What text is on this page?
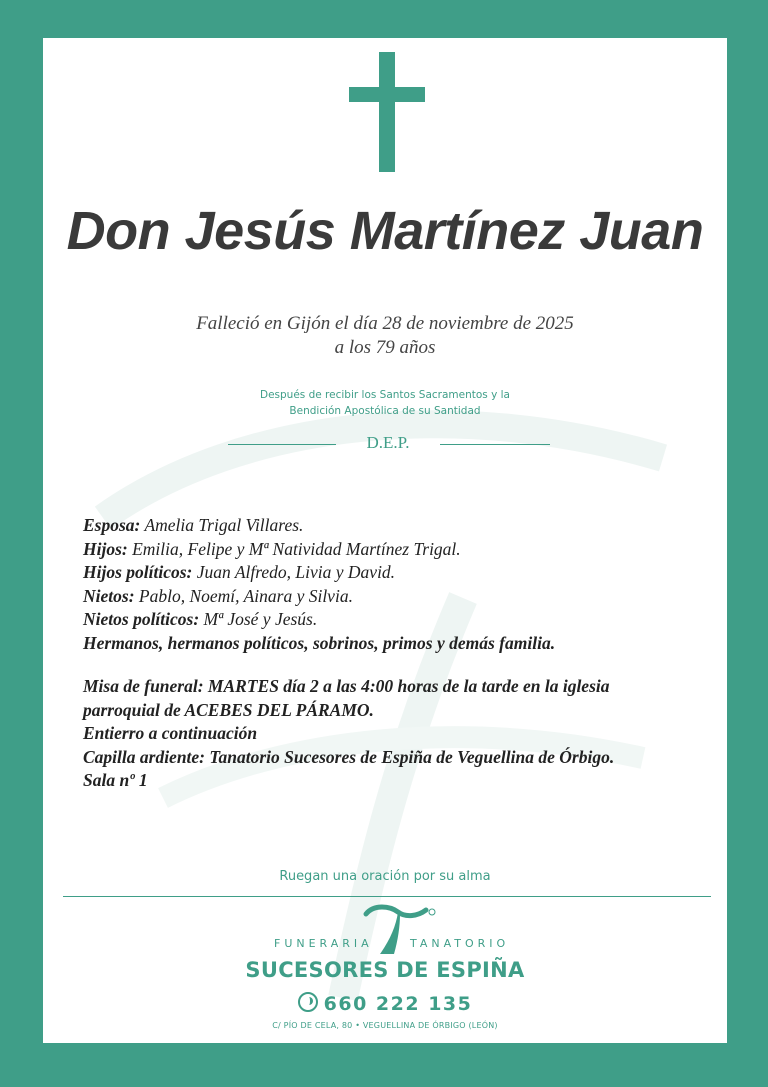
Don Jesús Martínez Juan
Falleció en Gijón el día 28 de noviembre de 2025
a los 79 años
Después de recibir los Santos Sacramentos y la
Bendición Apostólica de su Santidad
D.E.P.
Esposa: Amelia Trigal Villares.
Hijos: Emilia, Felipe y Mª Natividad Martínez Trigal.
Hijos políticos: Juan Alfredo, Livia y David.
Nietos: Pablo, Noemí, Ainara y Silvia.
Nietos políticos: Mª José y Jesús.
Hermanos, hermanos políticos, sobrinos, primos y demás familia.
Misa de funeral: MARTES día 2 a las 4:00 horas de la tarde en la iglesia
parroquial de ACEBES DEL PÁRAMO.
Entierro a continuación
Capilla ardiente: Tanatorio Sucesores de Espiña de Veguellina de Órbigo.
Sala nº 1
Ruegan una oración por su alma
FUNERARIA	TANATORIO
SUCESORES DE ESPIÑA
660 222 135
C/ PÍO DE CELA, 80 • VEGUELLINA DE ÓRBIGO (LEÓN)
